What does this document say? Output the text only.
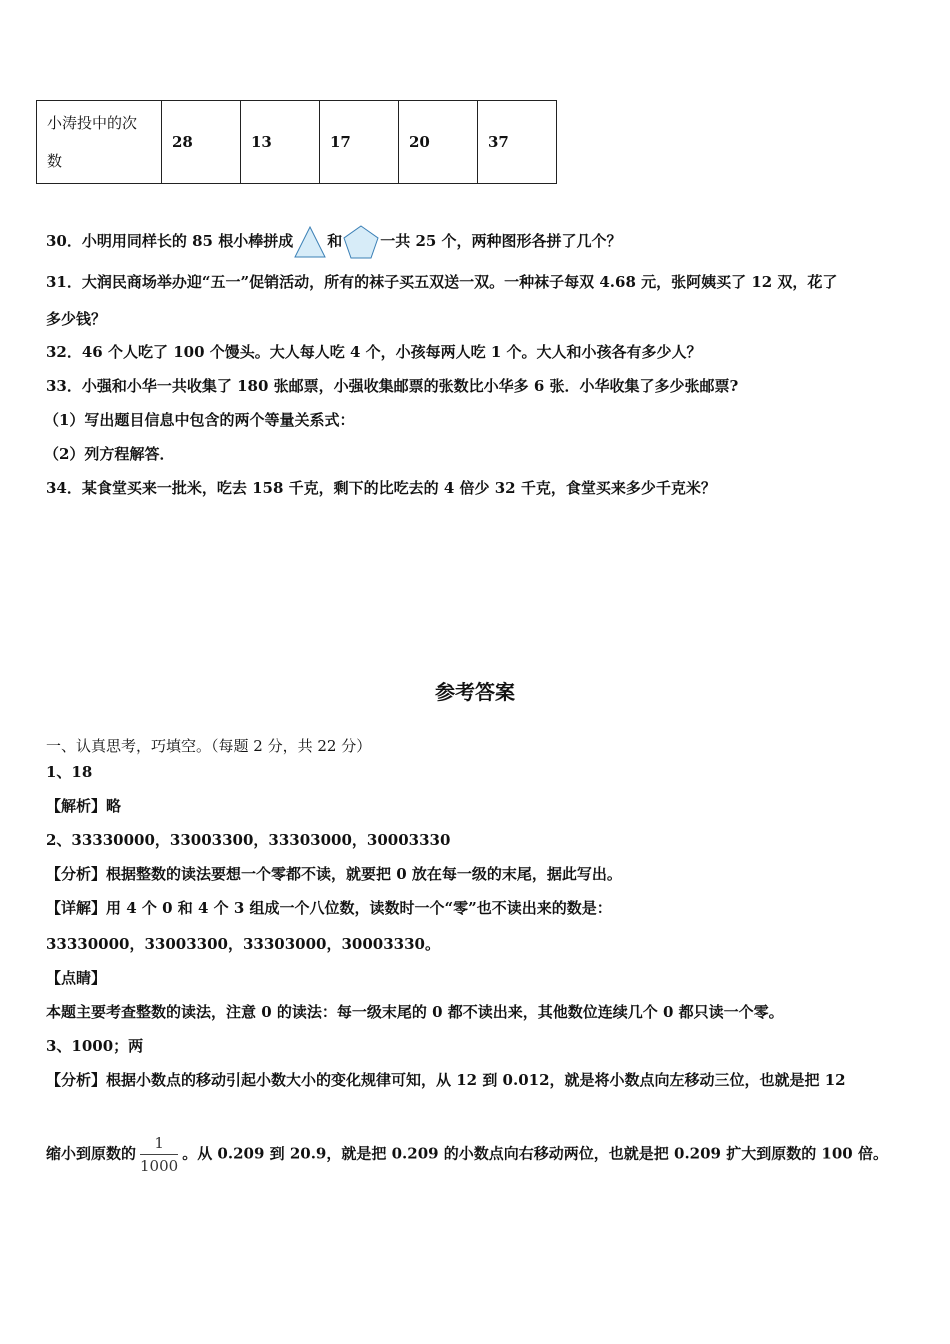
小涛投中的次数	28	13	17	20	37
30．小明用同样长的 85 根小棒拼成 和	一共 25 个，两种图形各拼了几个？
31．大润民商场举办迎“五一”促销活动，所有的袜子买五双送一双。一种袜子每双 4.68 元，张阿姨买了 12 双，花了
多少钱？
32．46 个人吃了 100 个馒头。大人每人吃 4 个，小孩每两人吃 1 个。大人和小孩各有多少人？
33．小强和小华一共收集了 180 张邮票，小强收集邮票的张数比小华多 6 张．小华收集了多少张邮票?
（1）写出题目信息中包含的两个等量关系式：
（2）列方程解答．
34．某食堂买来一批米，吃去 158 千克，剩下的比吃去的 4 倍少 32 千克，食堂买来多少千克米？
参考答案
一、认真思考，巧填空。（每题 2 分，共 22 分）
1、18
【解析】略
2、33330000，33003300，33303000，30003330
【分析】根据整数的读法要想一个零都不读，就要把 0 放在每一级的末尾，据此写出。
【详解】用 4 个 0 和 4 个 3 组成一个八位数，读数时一个“零”也不读出来的数是：
33330000，33003300，33303000，30003330。
【点睛】
本题主要考查整数的读法，注意 0 的读法：每一级末尾的 0 都不读出来，其他数位连续几个 0 都只读一个零。
3、1000；两
【分析】根据小数点的移动引起小数大小的变化规律可知，从 12 到 0.012，就是将小数点向左移动三位，也就是把 12
缩小到原数的 $\frac{1}{1000}$ 。从 0.209 到 20.9，就是把 0.209 的小数点向右移动两位，也就是把 0.209 扩大到原数的 100 倍。
